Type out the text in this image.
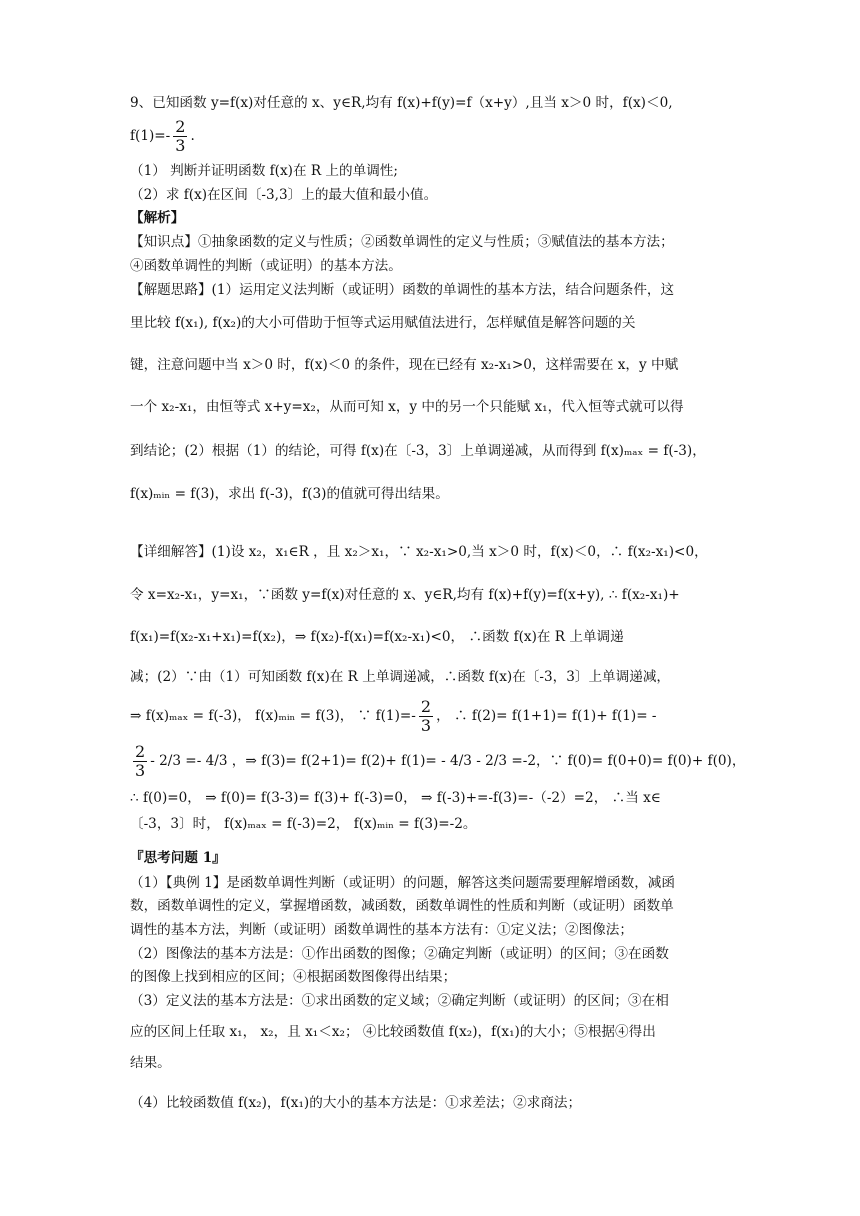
9、已知函数 y=f(x)对任意的 x、y∈R,均有 f(x)+f(y)=f（x+y）,且当 x＞0 时，f(x)＜0,
$f(1)=- \frac{2}{3}$ .
（1） 判断并证明函数 f(x)在 R 上的单调性;
（2）求 f(x)在区间〔-3,3〕上的最大值和最小值。
【解析】
【知识点】①抽象函数的定义与性质；②函数单调性的定义与性质；③赋值法的基本方法；
④函数单调性的判断（或证明）的基本方法。
【解题思路】(1）运用定义法判断（或证明）函数的单调性的基本方法，结合问题条件，这
里比较 f(x₁), f(x₂)的大小可借助于恒等式运用赋值法进行，怎样赋值是解答问题的关
键，注意问题中当 x＞0 时，f(x)＜0 的条件，现在已经有 x₂-x₁>0，这样需要在 x，y 中赋
一个 x₂-x₁，由恒等式 x+y=x₂，从而可知 x，y 中的另一个只能赋 x₁，代入恒等式就可以得
到结论；(2）根据（1）的结论，可得 f(x)在〔-3，3〕上单调递减，从而得到 f(x)ₘₐₓ = f(-3)，
f(x)ₘᵢₙ = f(3)，求出 f(-3)，f(3)的值就可得出结果。
【详细解答】(1)设 x₂，x₁∈R ，且 x₂＞x₁，∵ x₂-x₁>0,当 x＞0 时，f(x)＜0，∴ f(x₂-x₁)<0，
令 x=x₂-x₁，y=x₁，∵函数 y=f(x)对任意的 x、y∈R,均有 f(x)+f(y)=f(x+y), ∴ f(x₂-x₁)+
f(x₁)=f(x₂-x₁+x₁)=f(x₂)，⇒ f(x₂)-f(x₁)=f(x₂-x₁)<0， ∴函数 f(x)在 R 上单调递
减；(2）∵由（1）可知函数 f(x)在 R 上单调递减，∴函数 f(x)在〔-3，3〕上单调递减，
⇒ f(x)ₘₐₓ = f(-3)， f(x)ₘᵢₙ = f(3)， ∵ $f(1)=- \frac{2}{3}$ ， ∴ f(2)= f(1+1)= f(1)+ f(1)= -
$\frac{2}{3} - 2/3 =- 4/3$ ，⇒ f(3)= f(2+1)= f(2)+ f(1)= - 4/3 - 2/3 =-2，∵ f(0)= f(0+0)= f(0)+ f(0)，
∴ f(0)=0， ⇒ f(0)= f(3-3)= f(3)+ f(-3)=0， ⇒ f(-3)+=-f(3)=-（-2）=2， ∴当 x∈
〔-3，3〕时， f(x)ₘₐₓ = f(-3)=2， f(x)ₘᵢₙ = f(3)=-2。
『思考问题 1』
（1）【典例 1】是函数单调性判断（或证明）的问题，解答这类问题需要理解增函数，减函
数，函数单调性的定义，掌握增函数，减函数，函数单调性的性质和判断（或证明）函数单
调性的基本方法，判断（或证明）函数单调性的基本方法有：①定义法；②图像法；
（2）图像法的基本方法是：①作出函数的图像；②确定判断（或证明）的区间；③在函数
的图像上找到相应的区间；④根据函数图像得出结果；
（3）定义法的基本方法是：①求出函数的定义域；②确定判断（或证明）的区间；③在相
应的区间上任取 x₁， x₂，且 x₁＜x₂； ④比较函数值 f(x₂)，f(x₁)的大小；⑤根据④得出
结果。
（4）比较函数值 f(x₂)，f(x₁)的大小的基本方法是：①求差法；②求商法；
